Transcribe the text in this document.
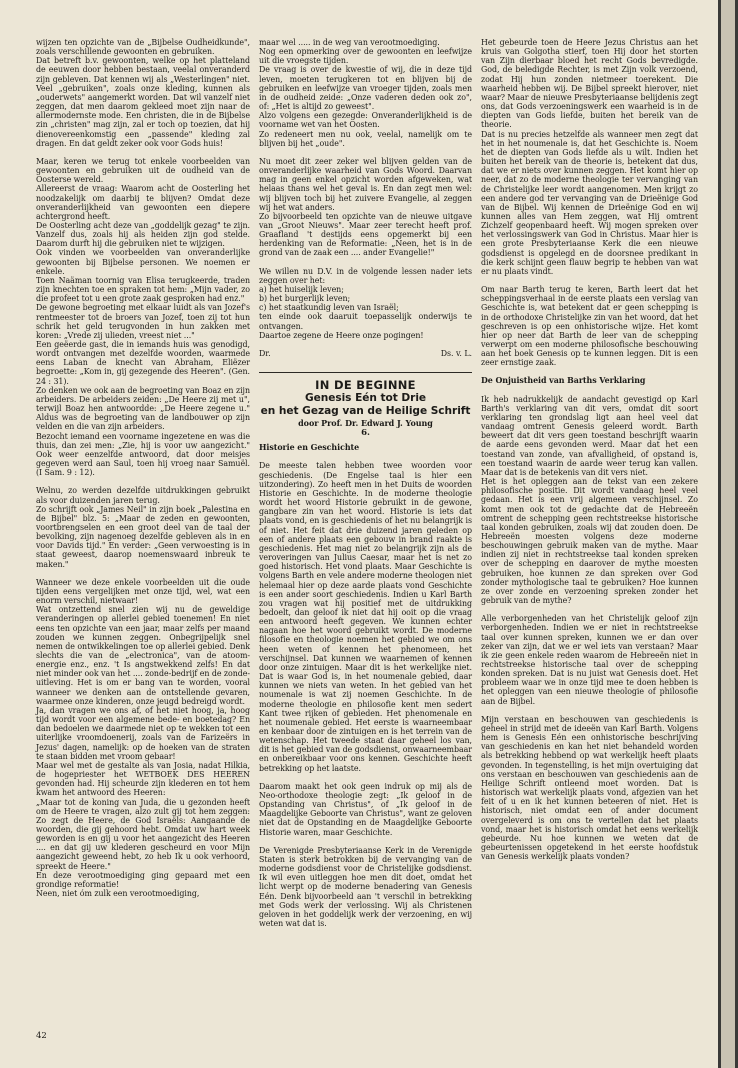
wijzen ten opzichte van de „Bijbelse Oudheidkunde", zoals verschillende gewoonten en gebruiken.
Dat betreft b.v. gewoonten, welke op het platteland de eeuwen door hebben bestaan, veelal onveranderd zijn gebleven. Dat kennen wij als „Westerlingen" niet. Veel „gebruiken", zoals onze kleding, kunnen als „ouderwets" aangemerkt worden. Dat wil vanzelf niet zeggen, dat men daarom gekleed moet zijn naar de allermodernste mode. Een christen, die in de Bijbelse zin „christen" mag zijn, zal er toch op toezien, dat hij dienovereenkomstig een „passende" kleding zal dragen. En dat geldt zeker ook voor Gods huis!

Maar, keren we terug tot enkele voorbeelden van gewoonten en gebruiken uit de oudheid van de Oosterse wereld.
Allereerst de vraag: Waarom acht de Oosterling het noodzakelijk om daarbij te blijven? Omdat deze onveranderlijkheid van gewoonten een diepere achtergrond heeft.
De Oosterling acht deze van „goddelijk gezag" te zijn. Vanzelf dus, zoals hij als heiden zijn god stelde. Daarom durft hij die gebruiken niet te wijzigen.
Ook vinden we voorbeelden van onveranderlijke gewoonten bij Bijbelse personen. We noemen er enkele.
Toen Naäman toornig van Elisa terugkeerde, traden zijn knechten toe en spraken tot hem: „Mijn vader, zo die profeet tot u een grote zaak gesproken had enz."
De gewone begroeting met elkaar luidt als van Jozef's rentmeester tot de broers van Jozef, toen zij tot hun schrik het geld terugvonden in hun zakken met koren: „Vrede zij ulieden, vreest niet ..."
Een geëerde gast, die in iemands huis was genodigd, wordt ontvangen met dezelfde woorden, waarmede eens Laban de knecht van Abraham, Eliëzer begroette: „Kom in, gij gezegende des Heeren". (Gen. 24 : 31).
Zo denken we ook aan de begroeting van Boaz en zijn arbeiders. De arbeiders zeiden: „De Heere zij met u", terwijl Boaz hen antwoordde: „De Heere zegene u." Aldus was de begroeting van de landbouwer op zijn velden en die van zijn arbeiders.
Bezocht iemand een voorname ingezetene en was die thuis, dan zei men: „Zie, hij is voor uw aangezicht." Ook weer eenzelfde antwoord, dat door meisjes gegeven werd aan Saul, toen hij vroeg naar Samuël. (I Sam. 9 : 12).

Welnu, zo werden dezelfde uitdrukkingen gebruikt als voor duizenden jaren terug.
Zo schrijft ook „James Neil" in zijn boek „Palestina en de Bijbel" blz. 5: „Maar de zeden en gewoonten, voortbrengselen en een groot deel van de taal der bevolking, zijn nagenoeg dezelfde gebleven als in en voor Davids tijd." En verder: „Geen verwoesting is in staat geweest, daarop noemenswaard inbreuk te maken."

Wanneer we deze enkele voorbeelden uit die oude tijden eens vergelijken met onze tijd, wel, wat een enorm verschil, nietwaar!
Wat ontzettend snel zien wij nu de geweldige veranderingen op allerlei gebied toenemen! En niet eens ten opzichte van een jaar, maar zelfs per maand zouden we kunnen zeggen. Onbegrijpelijk snel nemen de ontwikkelingen toe op allerlei gebied. Denk slechts die van de „electronica", van de atoom-energie enz., enz. 't Is angstwekkend zelfs! En dat niet minder ook van het .... zonde-bedrijf en de zonde-uitleving. Het is om er bang van te worden, vooral wanneer we denken aan de ontstellende gevaren, waarmee onze kinderen, onze jeugd bedreigd wordt.
Ja, dan vragen we ons af, of het niet hoog, ja, hoog tijd wordt voor een algemene bede- en boetedag? En dan bedoelen we daarmede niet op te wekken tot een uiterlijke vroomdoenerij, zoals van de Farizeërs in Jezus' dagen, namelijk: op de hoeken van de straten te staan bidden met vroom gebaar!
Maar wel met de gestalte als van Josia, nadat Hilkia, de hogepriester het WETBOEK DES HEEREN gevonden had. Hij scheurde zijn klederen en tot hem kwam het antwoord des Heeren:
„Maar tot de koning van Juda, die u gezonden heeft om de Heere te vragen, alzo zult gij tot hem zeggen: Zo zegt de Heere, de God Israëls: Aangaande de woorden, die gij gehoord hebt. Omdat uw hart week geworden is en gij u voor het aangezicht des Heeren .... en dat gij uw klederen gescheurd en voor Mijn aangezicht geweend hebt, zo heb Ik u ook verhoord, spreekt de Heere."
En deze verootmoediging ging gepaard met een grondige reformatie!
Neen, niet óm zulk een verootmoediging,

maar wel ..... in de weg van verootmoediging.
Nog een opmerking over de gewoonten en leefwijze uit die vroegste tijden.
De vraag is over de kwestie of wij, die in deze tijd leven, moeten terugkeren tot en blijven bij de gebruiken en leefwijze van vroeger tijden, zoals men in de oudheid zeide: „Onze vaderen deden ook zo", of: „Het is altijd zo geweest".
Alzo volgens een gezegde: Onveranderlijkheid is de voorname wet van het Oosten.
Zo redeneert men nu ook, veelal, namelijk om te blijven bij het „oude".

Nu moet dit zeer zeker wel blijven gelden van de onveranderlijke waarheid van Gods Woord. Daarvan mag in geen enkel opzicht worden afgeweken, wat helaas thans wel het geval is. En dan zegt men wel: wij blijven toch bij het zuivere Evangelie, al zeggen wij het wat anders.
Zo bijvoorbeeld ten opzichte van de nieuwe uitgave van „Groot Nieuws". Maar zeer terecht heeft prof. Graafland 't destijds eens opgemerkt bij een herdenking van de Reformatie: „Neen, het is in de grond van de zaak een .... ander Evangelie!"

We willen nu D.V. in de volgende lessen nader iets zeggen over het:

a) het huiselijk leven;
b) het burgerlijk leven;
c) het staatkundig leven van Israël;

ten einde ook daaruit toepasselijk onderwijs te ontvangen.
Daartoe zegene de Heere onze pogingen!

Dr.	Ds. v. L.
IN DE BEGINNE
Genesis Eén tot Drie
en het Gezag van de Heilige Schrift
door Prof. Dr. Edward J. Young
6.

Historie en Geschichte

De meeste talen hebben twee woorden voor geschiedenis. (De Engelse taal is hier een uitzondering). Zo heeft men in het Duits de woorden Historie en Geschichte. In de moderne theologie wordt het woord Historie gebruikt in de gewone, gangbare zin van het woord. Historie is iets dat plaats vond, en is geschiedenis of het nu belangrijk is of niet. Het feit dat drie duizend jaren geleden op een of andere plaats een gebouw in brand raakte is geschiedenis. Het mag niet zo belangrijk zijn als de veroveringen van Julius Caesar, maar het is net zo goed historisch. Het vond plaats. Maar Geschichte is volgens Barth en vele andere moderne theologen niet helemaal hier op deze aarde plaats vond Geschichte is een ander soort geschiedenis. Indien u Karl Barth zou vragen wat hij positief met de uitdrukking bedoelt, dan geloof ik niet dat hij ooit op die vraag een antwoord heeft gegeven. We kunnen echter nagaan hoe het woord gebruikt wordt. De moderne filosofie en theologie noemen het gebied we om ons heen weten of kennen het phenomeen, het verschijnsel. Dat kunnen we waarnemen of kennen door onze zintuigen. Maar dit is het werkelijke niet. Dat is waar God is, in het noumenale gebied, daar kunnen we niets van weten. In het gebied van het noumenale is wat zij noemen Geschichte. In de moderne theologie en philosofie kent men sedert Kant twee rijken of gebieden. Het phenomenale en het noumenale gebied. Het eerste is waarneembaar en kenbaar door de zintuigen en is het terrein van de wetenschap. Het tweede staat daar geheel los van, dit is het gebied van de godsdienst, onwaarneembaar en onbereikbaar voor ons kennen. Geschichte heeft betrekking op het laatste.

Daarom maakt het ook geen indruk op mij als de Neo-orthodoxe theologie zegt: „Ik geloof in de Opstanding van Christus", of „Ik geloof in de Maagdelijke Geboorte van Christus", want ze geloven niet dat de Opstanding en de Maagdelijke Geboorte Historie waren, maar Geschichte.

De Verenigde Presbyteriaanse Kerk in de Verenigde Staten is sterk betrokken bij de vervanging van de moderne godsdienst voor de Christelijke godsdienst. Ik wil even uitleggen hoe men dit doet, omdat het licht werpt op de moderne benadering van Genesis Eén. Denk bijvoorbeeld aan 't verschil in betrekking met Gods werk der verlossing. Wij als Christenen geloven in het goddelijk werk der verzoening, en wij weten wat dat is.

Het gebeurde toen de Heere Jezus Christus aan het kruis van Golgotha stierf, toen Hij door het storten van Zijn dierbaar bloed het recht Gods bevredigde. God, de beledigde Rechter, is met Zijn volk verzoend, zodat Hij hun zonden nietmeer toerekent. Die waarheid hebben wij. De Bijbel spreekt hierover, niet waar? Maar de nieuwe Presbyteriaanse belijdenis zegt ons, dat Gods verzoeningswerk een waarheid is in de diepten van Gods liefde, buiten het bereik van de theorie.
Dat is nu precies hetzelfde als wanneer men zegt dat het in het noumenale is, dat het Geschichte is. Noem het de diepten van Gods liefde als u wilt. Indien het buiten het bereik van de theorie is, betekent dat dus, dat we er niets over kunnen zeggen. Het komt hier op neer, dat zo de moderne theologie ter vervanging van de Christelijke leer wordt aangenomen. Men krijgt zo een andere god ter vervanging van de Drieënige God van de Bijbel. Wij kennen de Drieënige God en wij kunnen alles van Hem zeggen, wat Hij omtrent Zichzelf geopenbaard heeft. Wij mogen spreken over het verlossingswerk van God in Christus. Maar hier is een grote Presbyteriaanse Kerk die een nieuwe godsdienst is opgelegd en de doorsnee predikant in die kerk schijnt geen flauw begrip te hebben van wat er nu plaats vindt.

Om naar Barth terug te keren, Barth leert dat het scheppingsverhaal in de eerste plaats een verslag van Geschichte is, wat betekent dat er geen schepping is in de orthodoxe Christelijke zin van het woord, dat het geschreven is op een onhistorische wijze. Het komt hier op neer dat Barth de leer van de schepping verwerpt om een moderne philosofische beschouwing aan het boek Genesis op te kunnen leggen. Dit is een zeer ernstige zaak.

De Onjuistheid van Barths Verklaring

Ik heb nadrukkelijk de aandacht gevestigd op Karl Barth's verklaring van dit vers, omdat dit soort verklaring ten grondslag ligt aan heel veel dat vandaag omtrent Genesis geleerd wordt. Barth beweert dat dit vers geen toestand beschrijft waarin de aarde eens gevonden werd. Maar dat het een toestand van zonde, van afvalligheid, of opstand is, een toestand waarin de aarde weer terug kan vallen. Maar dat is de betekenis van dit vers niet.
Het is het opleggen aan de tekst van een zekere philosofische positie. Dit wordt vandaag heel veel gedaan. Het is een vrij algemeen verschijnsel. Zo komt men ook tot de gedachte dat de Hebreeën omtrent de schepping geen rechtstreekse historische taal konden gebruiken, zoals wij dat zouden doen. De Hebreeën moesten volgens deze moderne beschouwingen gebruik maken van de mythe. Maar indien zij niet in rechtstreekse taal konden spreken over de schepping en daarover de mythe moesten gebruiken, hoe kunnen ze dan spreken over God zonder mythologische taal te gebruiken? Hoe kunnen ze over zonde en verzoening spreken zonder het gebruik van de mythe?

Alle verborgenheden van het Christelijk geloof zijn verborgenheden. Indien we er niet in rechtstreekse taal over kunnen spreken, kunnen we er dan over zeker van zijn, dat we er wel iets van verstaan? Maar ik zie geen enkele reden waarom de Hebreeën niet in rechtstreekse historische taal over de schepping konden spreken. Dat is nu juist wat Genesis doet. Het probleem waar we in onze tijd mee te doen hebben is het opleggen van een nieuwe theologie of philosofie aan de Bijbel.

Mijn verstaan en beschouwen van geschiedenis is geheel in strijd met de ideeën van Karl Barth. Volgens hem is Genesis Eén een onhistorische beschrijving van geschiedenis en kan het niet behandeld worden als betrekking hebbend op wat werkelijk heeft plaats gevonden. In tegenstelling, is het mijn overtuiging dat ons verstaan en beschouwen van geschiedenis aan de Heilige Schrift ontleend moet worden. Dat is historisch wat werkelijk plaats vond, afgezien van het feit of u en ik het kunnen beteeren of niet. Het is historisch, niet omdat een of ander document overgeleverd is om ons te vertellen dat het plaats vond, maar het is historisch omdat het eens werkelijk gebeurde. Nu hoe kunnen we weten dat de gebeurtenissen opgetekend in het eerste hoofdstuk van Genesis werkelijk plaats vonden?

42
